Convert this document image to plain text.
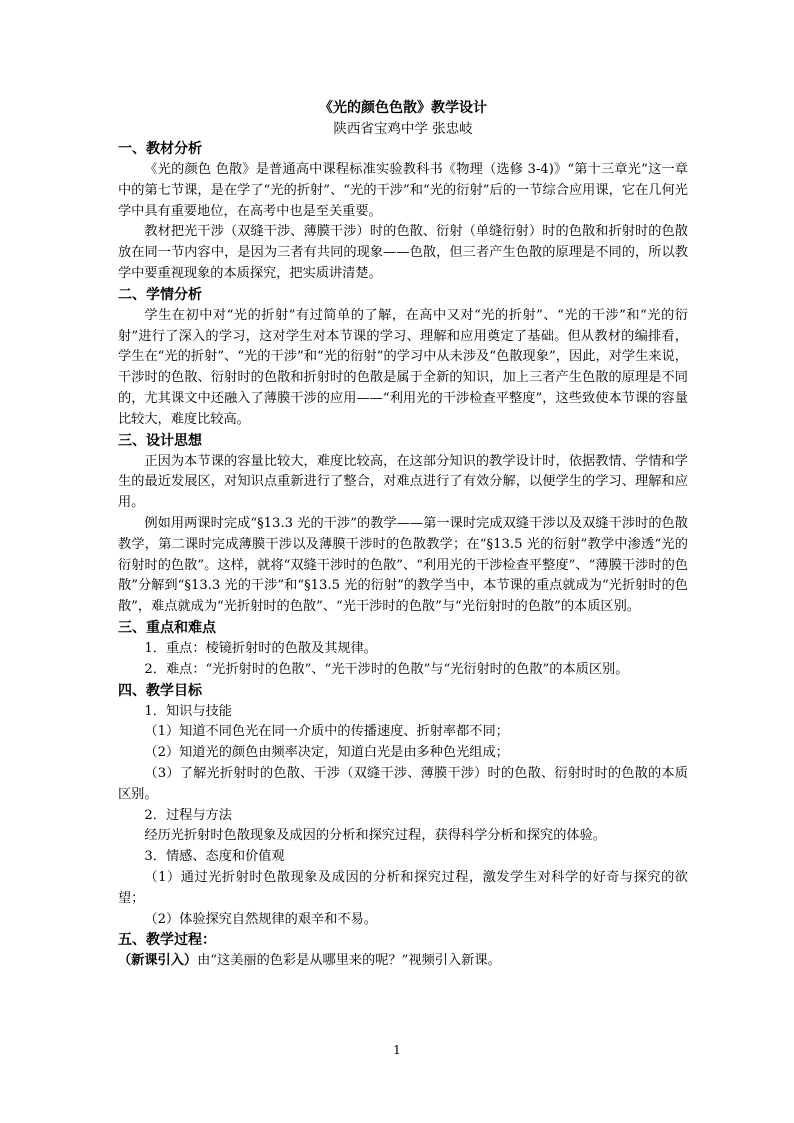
《光的颜色色散》教学设计

陕西省宝鸡中学 张忠岐

一、教材分析

《光的颜色 色散》是普通高中课程标准实验教科书《物理（选修 3-4)》“第十三章光”这一章中的第七节课，是在学了“光的折射”、“光的干涉”和“光的衍射”后的一节综合应用课，它在几何光学中具有重要地位，在高考中也是至关重要。

教材把光干涉（双缝干涉、薄膜干涉）时的色散、衍射（单缝衍射）时的色散和折射时的色散放在同一节内容中，是因为三者有共同的现象——色散，但三者产生色散的原理是不同的，所以教学中要重视现象的本质探究，把实质讲清楚。

二、学情分析

学生在初中对“光的折射”有过简单的了解，在高中又对“光的折射”、“光的干涉”和“光的衍射”进行了深入的学习，这对学生对本节课的学习、理解和应用奠定了基础。但从教材的编排看，学生在“光的折射”、“光的干涉”和“光的衍射”的学习中从未涉及“色散现象”，因此，对学生来说，干涉时的色散、衍射时的色散和折射时的色散是属于全新的知识，加上三者产生色散的原理是不同的，尤其课文中还融入了薄膜干涉的应用——“利用光的干涉检查平整度”，这些致使本节课的容量比较大，难度比较高。

三、设计思想

正因为本节课的容量比较大，难度比较高，在这部分知识的教学设计时，依据教情、学情和学生的最近发展区，对知识点重新进行了整合，对难点进行了有效分解，以便学生的学习、理解和应用。

例如用两课时完成“§13.3 光的干涉”的教学——第一课时完成双缝干涉以及双缝干涉时的色散教学，第二课时完成薄膜干涉以及薄膜干涉时的色散教学；在“§13.5 光的衍射”教学中渗透“光的衍射时的色散”。这样，就将“双缝干涉时的色散”、“利用光的干涉检查平整度”、“薄膜干涉时的色散”分解到“§13.3 光的干涉”和“§13.5 光的衍射”的教学当中，本节课的重点就成为“光折射时的色散”，难点就成为“光折射时的色散”、“光干涉时的色散”与“光衍射时的色散”的本质区别。

三、重点和难点

1．重点：棱镜折射时的色散及其规律。

2．难点：“光折射时的色散”、“光干涉时的色散”与“光衍射时的色散”的本质区别。

四、教学目标

1．知识与技能

（1）知道不同色光在同一介质中的传播速度、折射率都不同；

（2）知道光的颜色由频率决定，知道白光是由多种色光组成；

（3）了解光折射时的色散、干涉（双缝干涉、薄膜干涉）时的色散、衍射时时的色散的本质区别。

2．过程与方法

经历光折射时色散现象及成因的分析和探究过程，获得科学分析和探究的体验。

3．情感、态度和价值观

（1）通过光折射时色散现象及成因的分析和探究过程，激发学生对科学的好奇与探究的欲望；

（2）体验探究自然规律的艰辛和不易。

五、教学过程：

（新课引入）由“这美丽的色彩是从哪里来的呢？”视频引入新课。

1
